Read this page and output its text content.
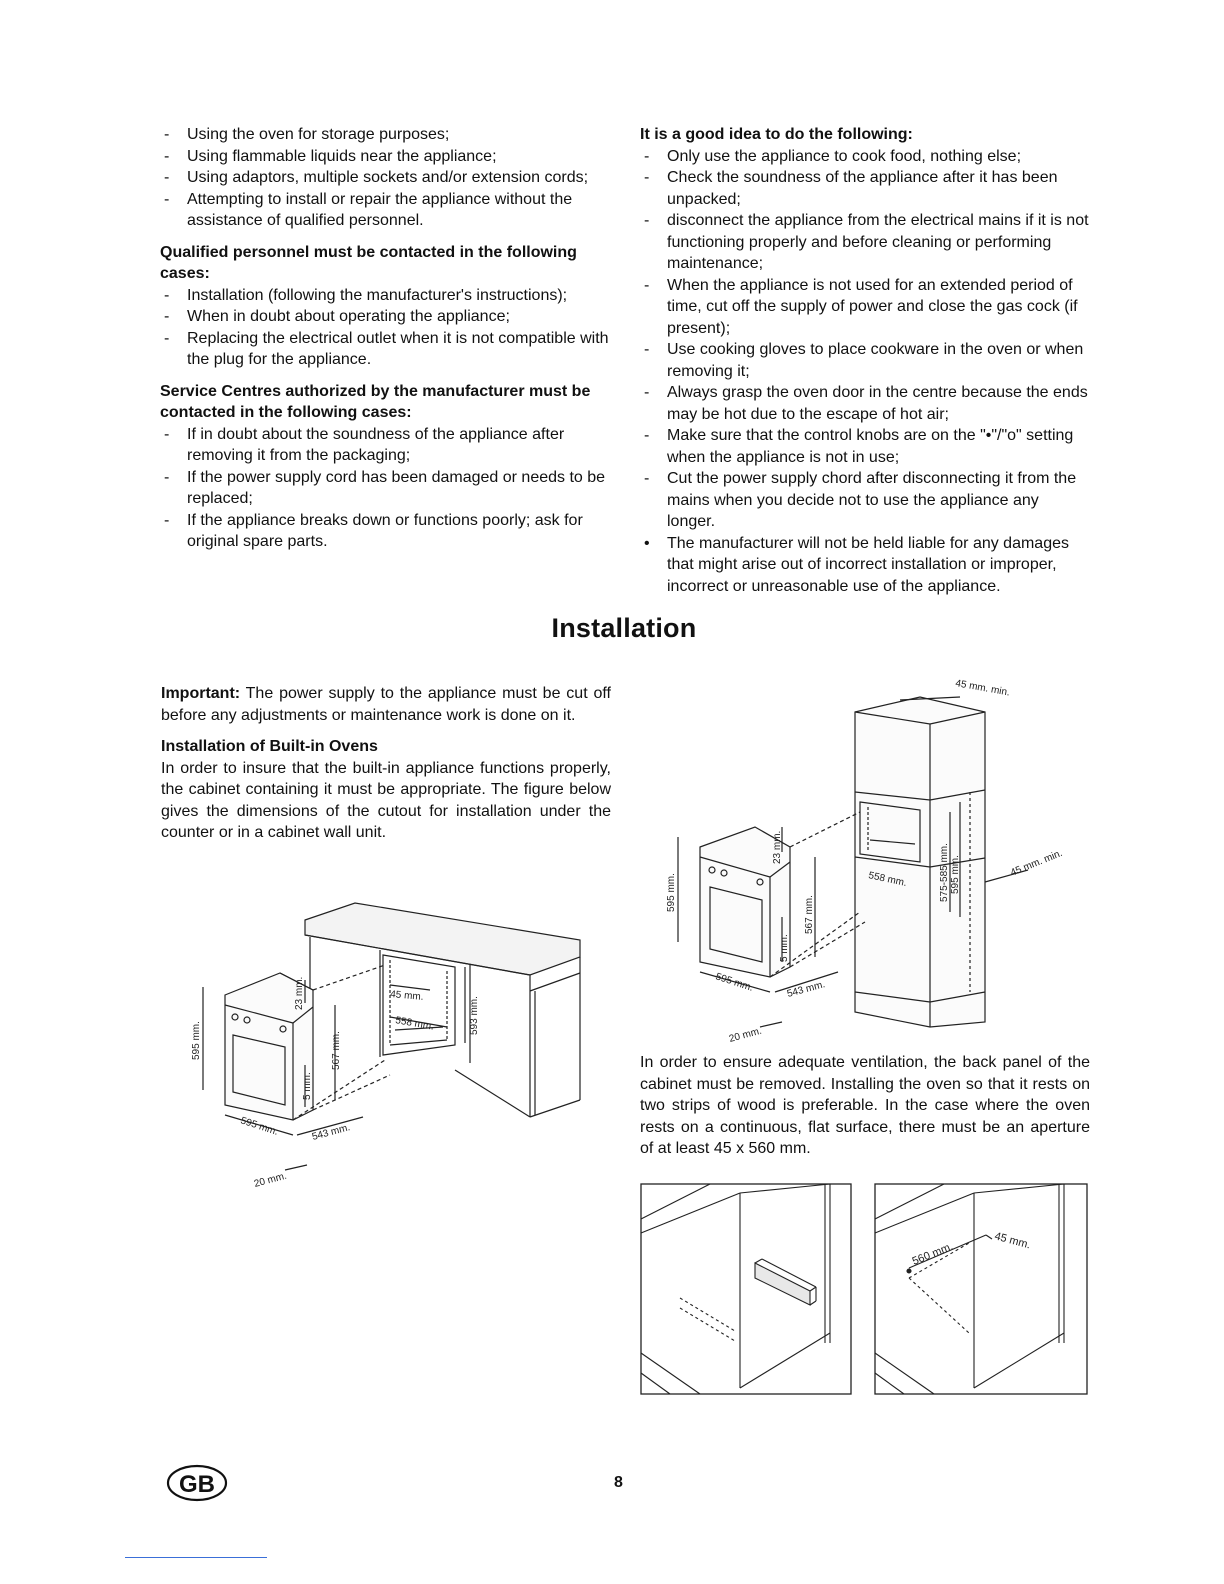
- Using the oven for storage purposes;
- Using flammable liquids near the appliance;
- Using adaptors, multiple sockets and/or extension cords;
- Attempting to install or repair the appliance without the assistance of qualified personnel.
Qualified personnel must be contacted in the following cases:
- Installation (following the manufacturer's instructions);
- When in doubt about operating the appliance;
- Replacing the electrical outlet when it is not compatible with the plug for the appliance.
Service Centres authorized by the manufacturer must be contacted in the following cases:
- If in doubt about the soundness of the appliance after removing it from the packaging;
- If the power supply cord has been damaged or needs to be replaced;
- If the appliance breaks down or functions poorly; ask for original spare parts.
It is a good idea to do the following:
- Only use the appliance to cook food, nothing else;
- Check the soundness of the appliance after it has been unpacked;
- disconnect the appliance from the electrical mains if it is not functioning properly and before cleaning or performing maintenance;
- When the appliance is not used for an extended period of time, cut off the supply of power and close the gas cock (if present);
- Use cooking gloves to place cookware in the oven or when removing it;
- Always grasp the oven door in the centre because the ends may be hot due to the escape of hot air;
- Make sure that the control knobs are on the "•"/"o" setting when the appliance is not in use;
- Cut the power supply chord after disconnecting it from the mains when you decide not to use the appliance any longer.
• The manufacturer will not be held liable for any damages that might arise out of incorrect installation or improper, incorrect or unreasonable use of the appliance.
Installation

Important: The power supply to the appliance must be cut off before any adjustments or maintenance work is done on it.

Installation of Built-in Ovens

In order to insure that the built-in appliance functions properly, the cabinet containing it must be appropriate. The figure below gives the dimensions of the cutout for installation under the counter or in a cabinet wall unit.

595 mm.
23 mm.
567 mm.
5 mm.
595 mm.	543 mm.
20 mm.
45 mm.
558 mm.	593 mm.
45 mm. min.
595 mm.
23 mm.
567 mm.
5 mm.
595 mm.	543 mm.
20 mm.
558 mm.	575-585 mm. 595 mm.	45 mm. min.

In order to ensure adequate ventilation, the back panel of the cabinet must be removed. Installing the oven so that it rests on two strips of wood is preferable. In the case where the oven rests on a continuous, flat surface, there must be an aperture of at least 45 x 560 mm.

560 mm.	45 mm.
GB	8
